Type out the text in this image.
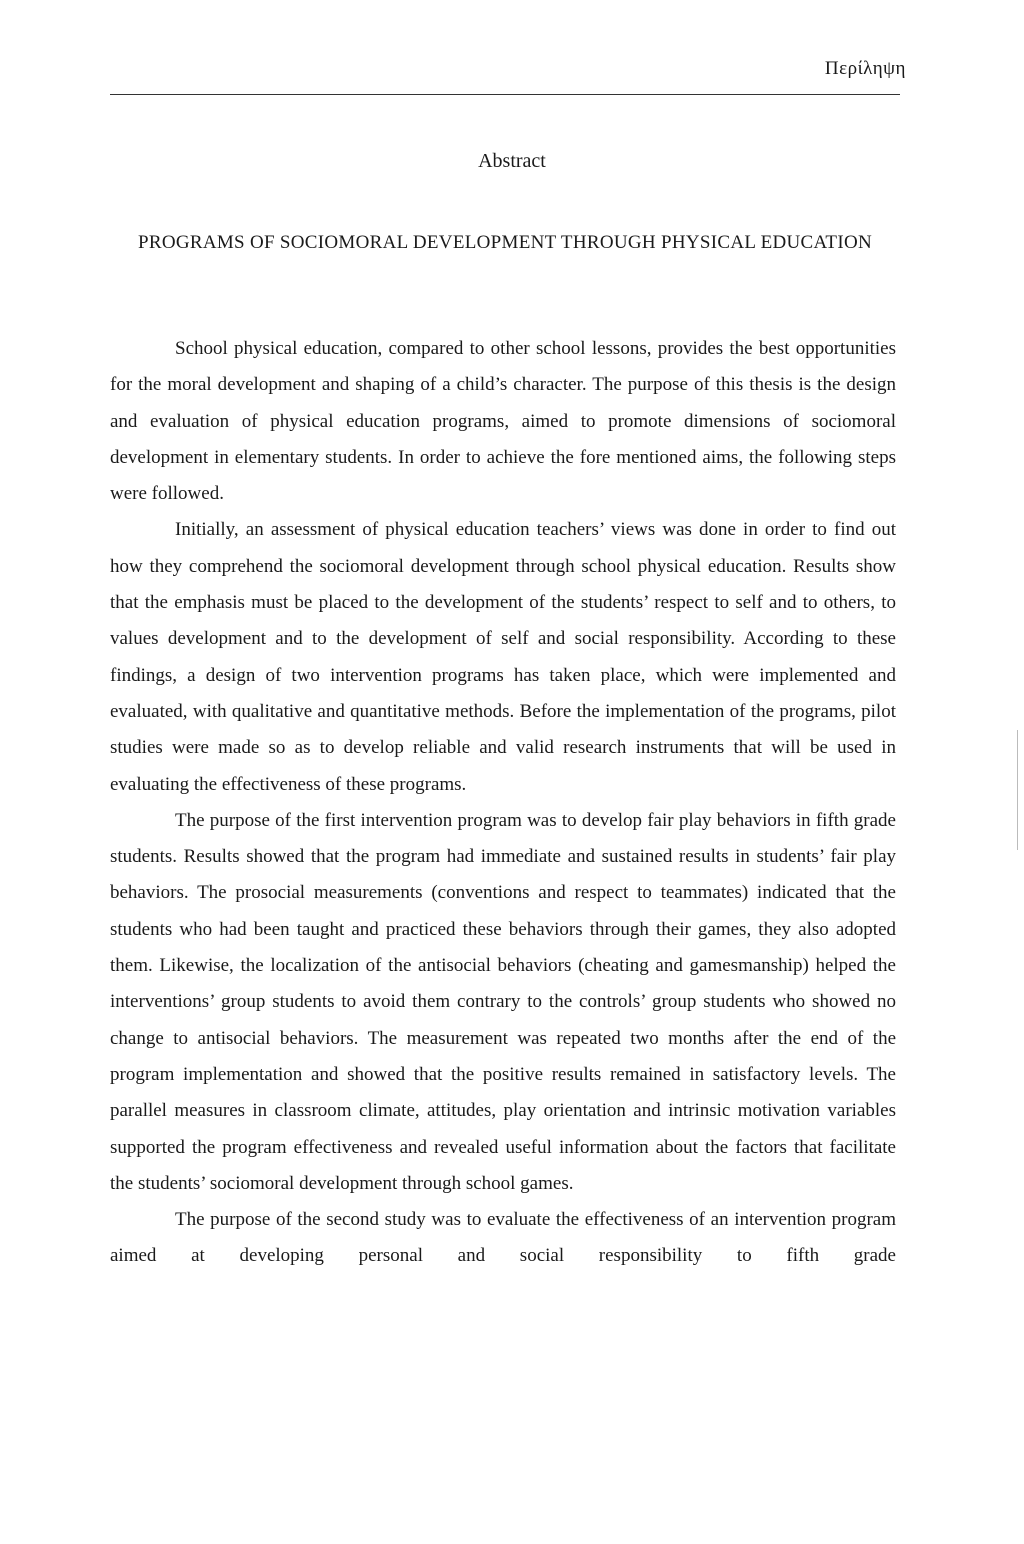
Περίληψη
Abstract
PROGRAMS OF SOCIOMORAL DEVELOPMENT THROUGH PHYSICAL EDUCATION

School physical education, compared to other school lessons, provides the best opportunities for the moral development and shaping of a child’s character. The purpose of this thesis is the design and evaluation of physical education programs, aimed to promote dimensions of sociomoral development in elementary students. In order to achieve the fore mentioned aims, the following steps were followed.

Initially, an assessment of physical education teachers’ views was done in order to find out how they comprehend the sociomoral development through school physical education. Results show that the emphasis must be placed to the development of the students’ respect to self and to others, to values development and to the development of self and social responsibility. According to these findings, a design of two intervention programs has taken place, which were implemented and evaluated, with qualitative and quantitative methods. Before the implementation of the programs, pilot studies were made so as to develop reliable and valid research instruments that will be used in evaluating the effectiveness of these programs.

The purpose of the first intervention program was to develop fair play behaviors in fifth grade students. Results showed that the program had immediate and sustained results in students’ fair play behaviors. The prosocial measurements (conventions and respect to teammates) indicated that the students who had been taught and practiced these behaviors through their games, they also adopted them. Likewise, the localization of the antisocial behaviors (cheating and gamesmanship) helped the interventions’ group students to avoid them contrary to the controls’ group students who showed no change to antisocial behaviors. The measurement was repeated two months after the end of the program implementation and showed that the positive results remained in satisfactory levels. The parallel measures in classroom climate, attitudes, play orientation and intrinsic motivation variables supported the program effectiveness and revealed useful information about the factors that facilitate the students’ sociomoral development through school games.

The purpose of the second study was to evaluate the effectiveness of an intervention program aimed at developing personal and social responsibility to fifth grade
